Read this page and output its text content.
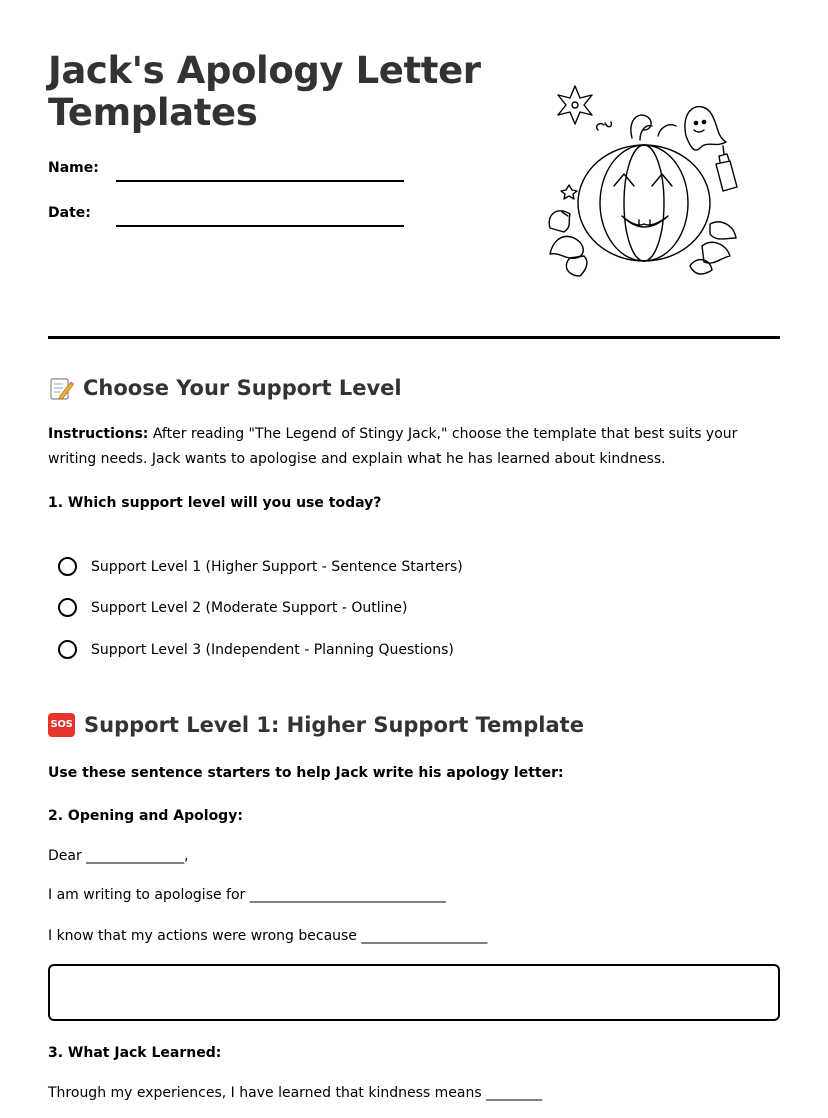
Jack's Apology Letter Templates
Name:
Date:
Choose Your Support Level

Instructions: After reading "The Legend of Stingy Jack," choose the template that best suits your writing needs. Jack wants to apologise and explain what he has learned about kindness.

1. Which support level will you use today?

Support Level 1 (Higher Support - Sentence Starters)
Support Level 2 (Moderate Support - Outline)
Support Level 3 (Independent - Planning Questions)
SOS Support Level 1: Higher Support Template

Use these sentence starters to help Jack write his apology letter:

2. Opening and Apology:

Dear ______________,

I am writing to apologise for ____________________________

I know that my actions were wrong because __________________

3. What Jack Learned:

Through my experiences, I have learned that kindness means ________
